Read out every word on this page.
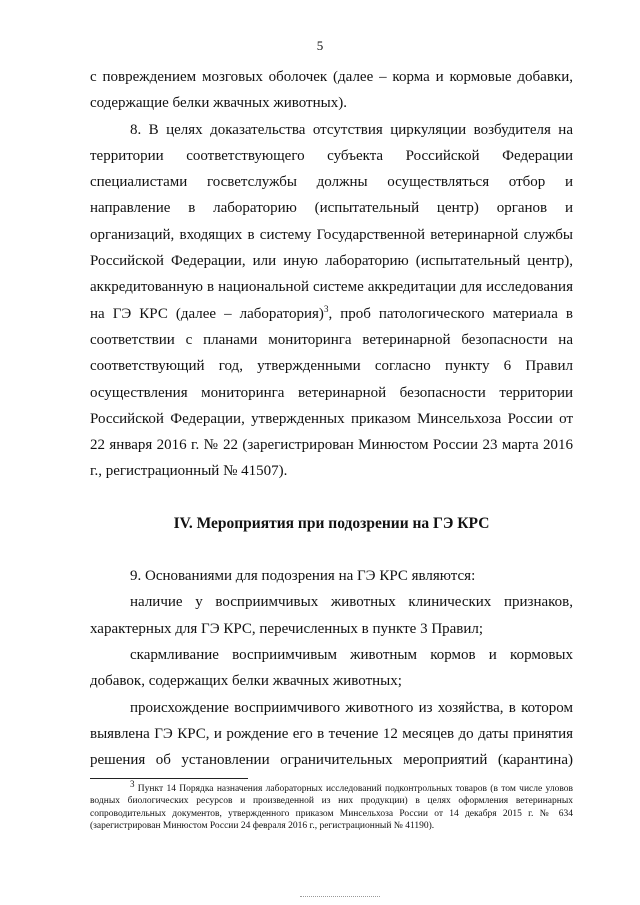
5

с повреждением мозговых оболочек (далее – корма и кормовые добавки, содержащие белки жвачных животных).

8. В целях доказательства отсутствия циркуляции возбудителя на территории соответствующего субъекта Российской Федерации специалистами госветслужбы должны осуществляться отбор и направление в лабораторию (испытательный центр) органов и организаций, входящих в систему Государственной ветеринарной службы Российской Федерации, или иную лабораторию (испытательный центр), аккредитованную в национальной системе аккредитации для исследования на ГЭ КРС (далее – лаборатория)$^3$, проб патологического материала в соответствии с планами мониторинга ветеринарной безопасности на соответствующий год, утвержденными согласно пункту 6 Правил осуществления мониторинга ветеринарной безопасности территории Российской Федерации, утвержденных приказом Минсельхоза России от 22 января 2016 г. № 22 (зарегистрирован Минюстом России 23 марта 2016 г., регистрационный № 41507).

IV. Мероприятия при подозрении на ГЭ КРС

9. Основаниями для подозрения на ГЭ КРС являются:

наличие у восприимчивых животных клинических признаков, характерных для ГЭ КРС, перечисленных в пункте 3 Правил;

скармливание восприимчивым животным кормов и кормовых добавок, содержащих белки жвачных животных;

происхождение восприимчивого животного из хозяйства, в котором выявлена ГЭ КРС, и рождение его в течение 12 месяцев до даты принятия решения об установлении ограничительных мероприятий (карантина)

$^3$ Пункт 14 Порядка назначения лабораторных исследований подконтрольных товаров (в том числе уловов водных биологических ресурсов и произведенной из них продукции) в целях оформления ветеринарных сопроводительных документов, утвержденного приказом Минсельхоза России от 14 декабря 2015 г. № 634 (зарегистрирован Минюстом России 24 февраля 2016 г., регистрационный № 41190).
